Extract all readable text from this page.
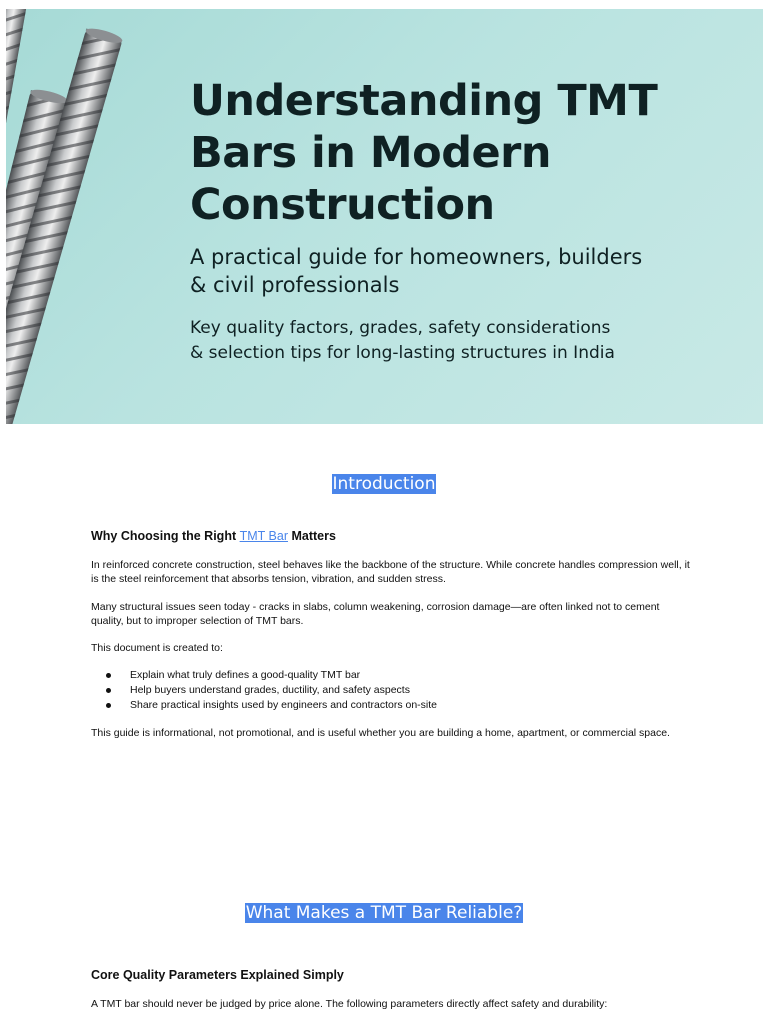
Understanding TMT
Bars in Modern
Construction
A practical guide for homeowners, builders
& civil professionals
Key quality factors, grades, safety considerations
& selection tips for long-lasting structures in India
Introduction
Why Choosing the Right TMT Bar Matters

In reinforced concrete construction, steel behaves like the backbone of the structure. While concrete handles compression well, it is the steel reinforcement that absorbs tension, vibration, and sudden stress.

Many structural issues seen today - cracks in slabs, column weakening, corrosion damage—are often linked not to cement quality, but to improper selection of TMT bars.

This document is created to:

Explain what truly defines a good-quality TMT bar
Help buyers understand grades, ductility, and safety aspects
Share practical insights used by engineers and contractors on-site

This guide is informational, not promotional, and is useful whether you are building a home, apartment, or commercial space.

What Makes a TMT Bar Reliable?
Core Quality Parameters Explained Simply

A TMT bar should never be judged by price alone. The following parameters directly affect safety and durability:
